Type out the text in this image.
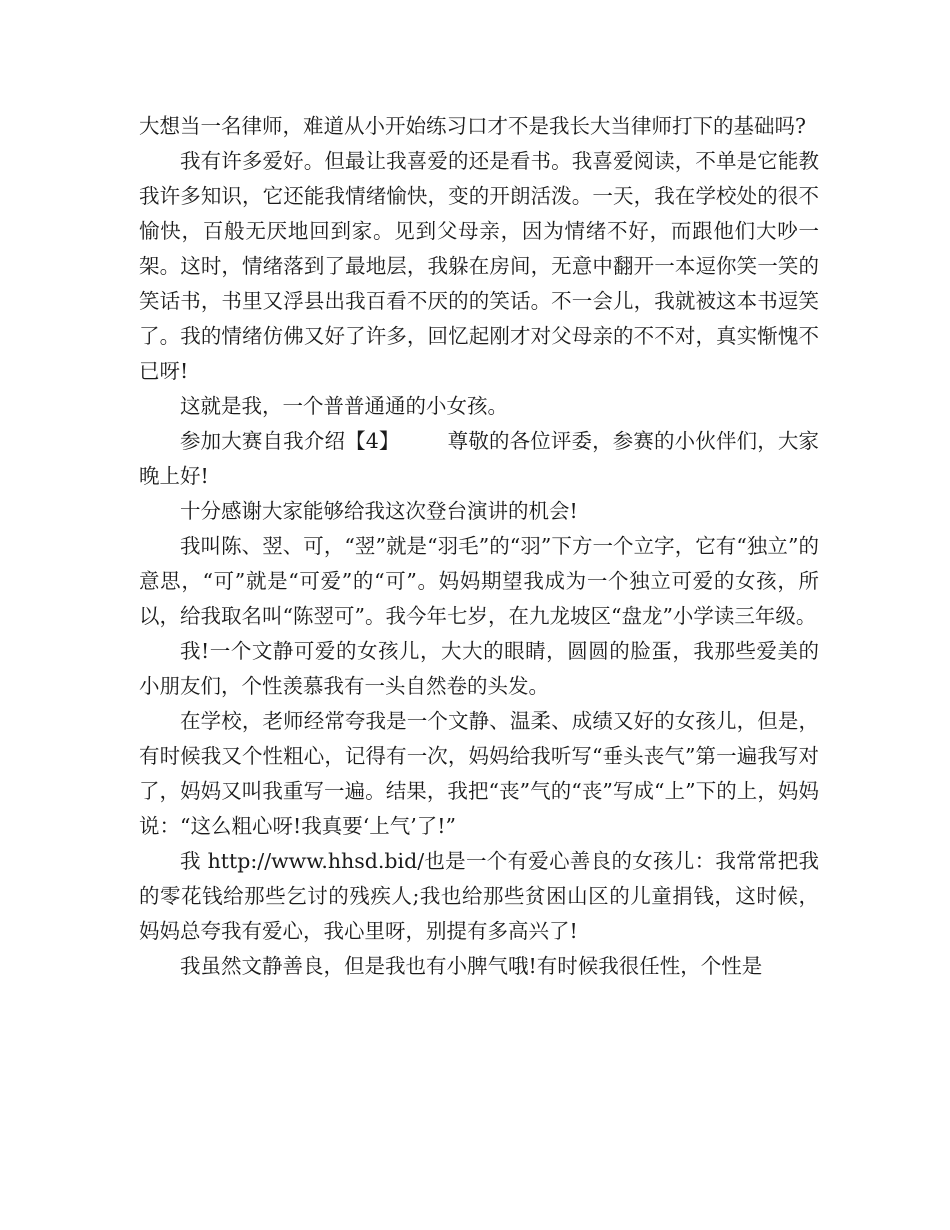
大想当一名律师，难道从小开始练习口才不是我长大当律师打下的基础吗?

我有许多爱好。但最让我喜爱的还是看书。我喜爱阅读，不单是它能教我许多知识，它还能我情绪愉快，变的开朗活泼。一天，我在学校处的很不愉快，百般无厌地回到家。见到父母亲，因为情绪不好，而跟他们大吵一架。这时，情绪落到了最地层，我躲在房间，无意中翻开一本逗你笑一笑的笑话书，书里又浮县出我百看不厌的的笑话。不一会儿，我就被这本书逗笑了。我的情绪仿佛又好了许多，回忆起刚才对父母亲的不不对，真实惭愧不已呀!

这就是我，一个普普通通的小女孩。

参加大赛自我介绍【4】 尊敬的各位评委，参赛的小伙伴们，大家晚上好!

十分感谢大家能够给我这次登台演讲的机会!

我叫陈、翌、可，“翌”就是“羽毛”的“羽”下方一个立字，它有“独立”的意思，“可”就是“可爱”的“可”。妈妈期望我成为一个独立可爱的女孩，所以，给我取名叫“陈翌可”。我今年七岁，在九龙坡区“盘龙”小学读三年级。

我!一个文静可爱的女孩儿，大大的眼睛，圆圆的脸蛋，我那些爱美的小朋友们，个性羡慕我有一头自然卷的头发。

在学校，老师经常夸我是一个文静、温柔、成绩又好的女孩儿，但是，有时候我又个性粗心，记得有一次，妈妈给我听写“垂头丧气”第一遍我写对了，妈妈又叫我重写一遍。结果，我把“丧”气的“丧”写成“上”下的上，妈妈说：“这么粗心呀!我真要‘上气’了!”

我 http://www.hhsd.bid/也是一个有爱心善良的女孩儿：我常常把我的零花钱给那些乞讨的残疾人;我也给那些贫困山区的儿童捐钱，这时候，妈妈总夸我有爱心，我心里呀，别提有多高兴了!

我虽然文静善良，但是我也有小脾气哦!有时候我很任性，个性是
